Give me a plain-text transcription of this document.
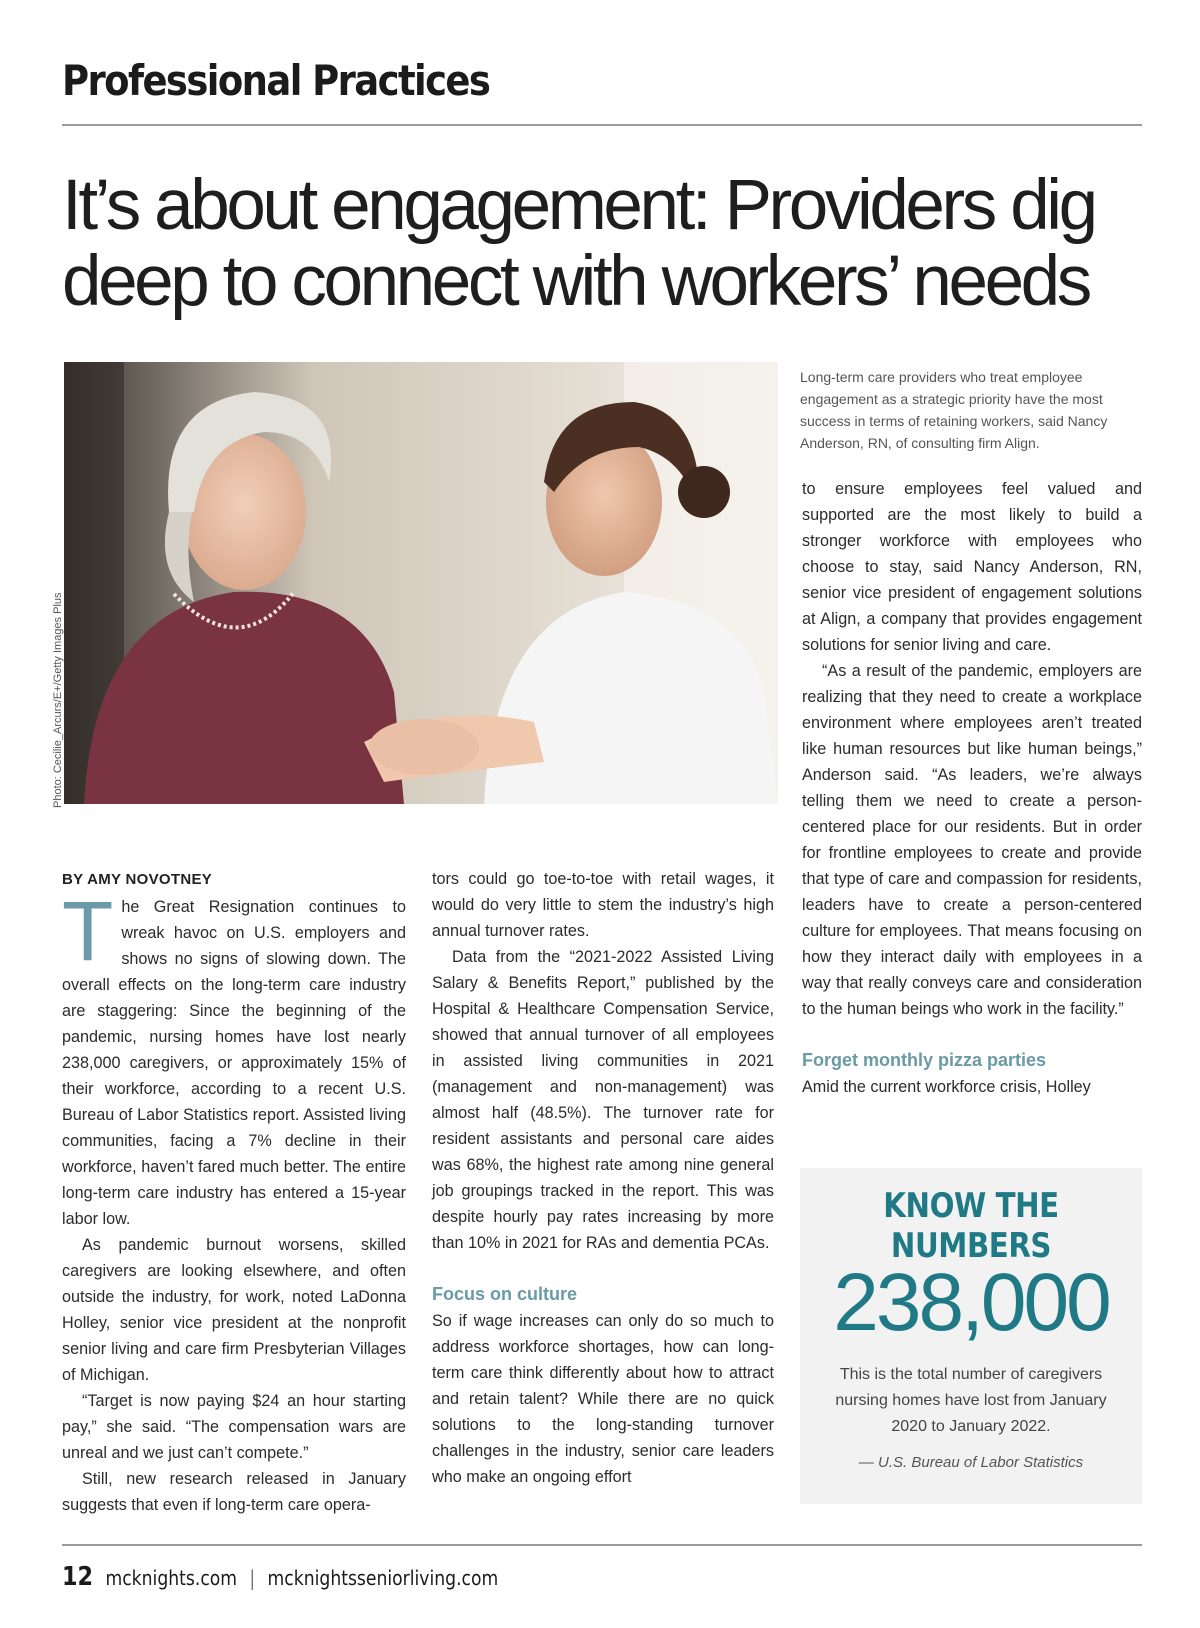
Professional Practices
It’s about engagement: Providers dig deep to connect with workers’ needs
Photo: Cecilie_Arcurs/E+/Getty Images Plus
Long-term care providers who treat employee engagement as a strategic priority have the most success in terms of retaining workers, said Nancy Anderson, RN, of consulting firm Align.
BY AMY NOVOTNEY

The Great Resignation continues to wreak havoc on U.S. employers and shows no signs of slowing down. The overall effects on the long-term care industry are staggering: Since the beginning of the pandemic, nursing homes have lost nearly 238,000 caregivers, or approximately 15% of their workforce, according to a recent U.S. Bureau of Labor Statistics report. Assisted living communities, facing a 7% decline in their workforce, haven’t fared much better. The entire long-term care industry has entered a 15-year labor low.

As pandemic burnout worsens, skilled caregivers are looking elsewhere, and often outside the industry, for work, noted LaDonna Holley, senior vice president at the nonprofit senior living and care firm Presbyterian Villages of Michigan.

“Target is now paying $24 an hour starting pay,” she said. “The compensation wars are unreal and we just can’t compete.”

Still, new research released in January suggests that even if long-term care opera-

tors could go toe-to-toe with retail wages, it would do very little to stem the industry’s high annual turnover rates.

Data from the “2021-2022 Assisted Living Salary & Benefits Report,” published by the Hospital & Healthcare Compensation Service, showed that annual turnover of all employees in assisted living communities in 2021 (management and non-management) was almost half (48.5%). The turnover rate for resident assistants and personal care aides was 68%, the highest rate among nine general job groupings tracked in the report. This was despite hourly pay rates increasing by more than 10% in 2021 for RAs and dementia PCAs.

Focus on culture

So if wage increases can only do so much to address workforce shortages, how can long-term care think differently about how to attract and retain talent? While there are no quick solutions to the long-standing turnover challenges in the industry, senior care leaders who make an ongoing effort

to ensure employees feel valued and supported are the most likely to build a stronger workforce with employees who choose to stay, said Nancy Anderson, RN, senior vice president of engagement solutions at Align, a company that provides engagement solutions for senior living and care.

“As a result of the pandemic, employers are realizing that they need to create a workplace environment where employees aren’t treated like human resources but like human beings,” Anderson said. “As leaders, we’re always telling them we need to create a person-centered place for our residents. But in order for frontline employees to create and provide that type of care and compassion for residents, leaders have to create a person-centered culture for employees. That means focusing on how they interact daily with employees in a way that really conveys care and consideration to the human beings who work in the facility.”

Forget monthly pizza parties

Amid the current workforce crisis, Holley

KNOW THE NUMBERS
238,000
This is the total number of caregivers nursing homes have lost from January 2020 to January 2022.
— U.S. Bureau of Labor Statistics
12 mcknights.com | mcknightsseniorliving.com
